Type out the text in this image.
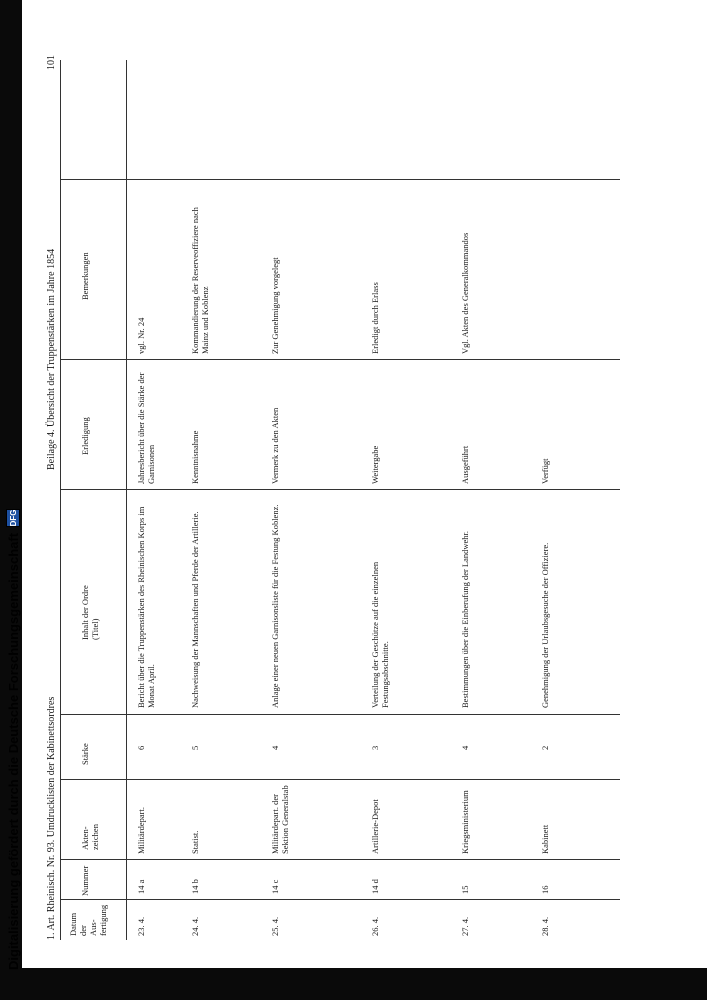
Digitalisierung gefördert durch die Deutsche Forschungsgemeinschaft
DFG
1. Art. Rheinisch. Nr. 93. Umdrucklisten der Kabinettsordres
Beilage 4. Übersicht der Truppenstärken im Jahre 1854
101
Datum
der
Aus-
fertigung
Nummer
Akten-
zeichen
Stärke
Inhalt der Ordre
(Titel)
Erledigung
Bemerkungen
23. 4.
14 a
Militärdepart.
6
Bericht über die Truppenstärken des Rheinischen Korps im Monat April.
Jahresbericht über die Stärke der Garnisonen
vgl. Nr. 24
24. 4.
14 b
Statist.
5
Nachweisung der Mannschaften und Pferde der Artillerie.
Kenntnisnahme
Kommandierung der Reserveoffiziere nach Mainz und Koblenz
25. 4.
14 c
Militärdepart. der Sektion Generalstab
4
Anlage einer neuen Garnisonsliste für die Festung Koblenz.
Vermerk zu den Akten
Zur Genehmigung vorgelegt
26. 4.
14 d
Artillerie-Depot
3
Verteilung der Geschütze auf die einzelnen Festungsabschnitte.
Weitergabe
Erledigt durch Erlass
27. 4.
15
Kriegsministerium
4
Bestimmungen über die Einberufung der Landwehr.
Ausgeführt
Vgl. Akten des Generalkommandos
28. 4.
16
Kabinett
2
Genehmigung der Urlaubsgesuche der Offiziere.
Verfügt
